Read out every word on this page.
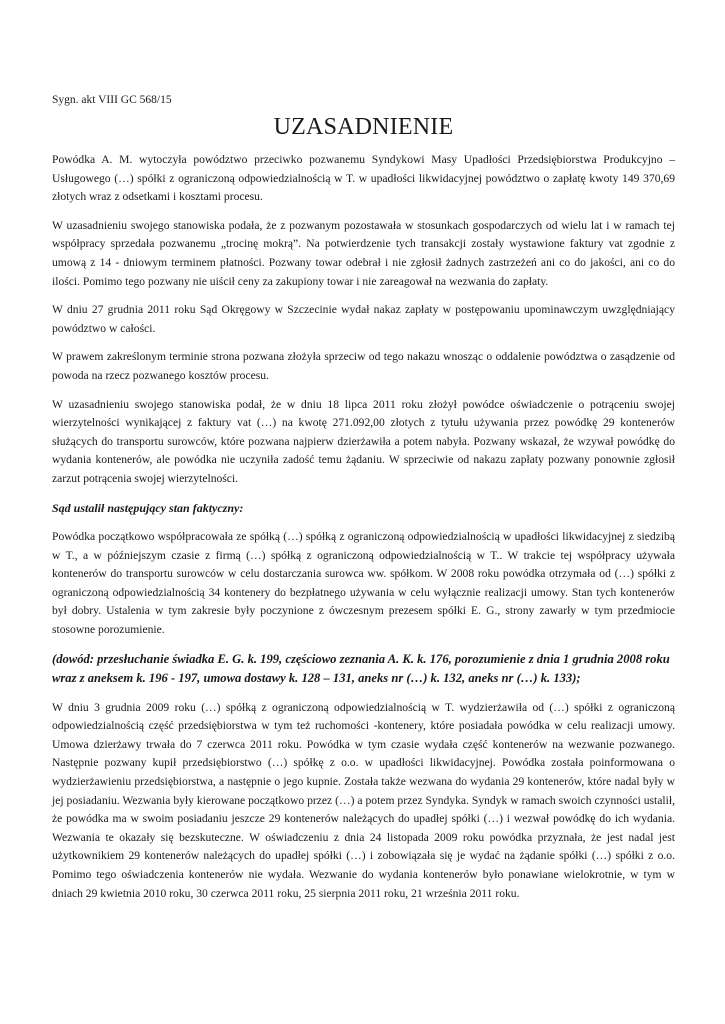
Sygn. akt VIII GC 568/15

UZASADNIENIE

Powódka A. M. wytoczyła powództwo przeciwko pozwanemu Syndykowi Masy Upadłości Przedsiębiorstwa Produkcyjno – Usługowego (…) spółki z ograniczoną odpowiedzialnością w T. w upadłości likwidacyjnej powództwo o zapłatę kwoty 149 370,69 złotych wraz z odsetkami i kosztami procesu.

W uzasadnieniu swojego stanowiska podała, że z pozwanym pozostawała w stosunkach gospodarczych od wielu lat i w ramach tej współpracy sprzedała pozwanemu „trocinę mokrą”. Na potwierdzenie tych transakcji zostały wystawione faktury vat zgodnie z umową z 14 - dniowym terminem płatności. Pozwany towar odebrał i nie zgłosił żadnych zastrzeżeń ani co do jakości, ani co do ilości. Pomimo tego pozwany nie uiścił ceny za zakupiony towar i nie zareagował na wezwania do zapłaty.

W dniu 27 grudnia 2011 roku Sąd Okręgowy w Szczecinie wydał nakaz zapłaty w postępowaniu upominawczym uwzględniający powództwo w całości.

W prawem zakreślonym terminie strona pozwana złożyła sprzeciw od tego nakazu wnosząc o oddalenie powództwa o zasądzenie od powoda na rzecz pozwanego kosztów procesu.

W uzasadnieniu swojego stanowiska podał, że w dniu 18 lipca 2011 roku złożył powódce oświadczenie o potrąceniu swojej wierzytelności wynikającej z faktury vat (…) na kwotę 271.092,00 złotych z tytułu używania przez powódkę 29 kontenerów służących do transportu surowców, które pozwana najpierw dzierżawiła a potem nabyła. Pozwany wskazał, że wzywał powódkę do wydania kontenerów, ale powódka nie uczyniła zadość temu żądaniu. W sprzeciwie od nakazu zapłaty pozwany ponownie zgłosił zarzut potrącenia swojej wierzytelności.

Sąd ustalił następujący stan faktyczny:

Powódka początkowo współpracowała ze spółką (…) spółką z ograniczoną odpowiedzialnością w upadłości likwidacyjnej z siedzibą w T., a w późniejszym czasie z firmą (…) spółką z ograniczoną odpowiedzialnością w T.. W trakcie tej współpracy używała kontenerów do transportu surowców w celu dostarczania surowca ww. spółkom. W 2008 roku powódka otrzymała od (…) spółki z ograniczoną odpowiedzialnością 34 kontenery do bezpłatnego używania w celu wyłącznie realizacji umowy. Stan tych kontenerów był dobry. Ustalenia w tym zakresie były poczynione z ówczesnym prezesem spółki E. G., strony zawarły w tym przedmiocie stosowne porozumienie.

(dowód: przesłuchanie świadka E. G. k. 199, częściowo zeznania A. K. k. 176, porozumienie z dnia 1 grudnia 2008 roku wraz z aneksem k. 196 - 197, umowa dostawy k. 128 – 131, aneks nr (…) k. 132, aneks nr (…) k. 133);

W dniu 3 grudnia 2009 roku (…) spółką z ograniczoną odpowiedzialnością w T. wydzierżawiła od (…) spółki z ograniczoną odpowiedzialnością część przedsiębiorstwa w tym też ruchomości -kontenery, które posiadała powódka w celu realizacji umowy. Umowa dzierżawy trwała do 7 czerwca 2011 roku. Powódka w tym czasie wydała część kontenerów na wezwanie pozwanego. Następnie pozwany kupił przedsiębiorstwo (…) spółkę z o.o. w upadłości likwidacyjnej. Powódka została poinformowana o wydzierżawieniu przedsiębiorstwa, a następnie o jego kupnie. Została także wezwana do wydania 29 kontenerów, które nadal były w jej posiadaniu. Wezwania były kierowane początkowo przez (…) a potem przez Syndyka. Syndyk w ramach swoich czynności ustalił, że powódka ma w swoim posiadaniu jeszcze 29 kontenerów należących do upadłej spółki (…) i wezwał powódkę do ich wydania. Wezwania te okazały się bezskuteczne. W oświadczeniu z dnia 24 listopada 2009 roku powódka przyznała, że jest nadal jest użytkownikiem 29 kontenerów należących do upadłej spółki (…) i zobowiązała się je wydać na żądanie spółki (…) spółki z o.o. Pomimo tego oświadczenia kontenerów nie wydała. Wezwanie do wydania kontenerów było ponawiane wielokrotnie, w tym w dniach 29 kwietnia 2010 roku, 30 czerwca 2011 roku, 25 sierpnia 2011 roku, 21 września 2011 roku.
